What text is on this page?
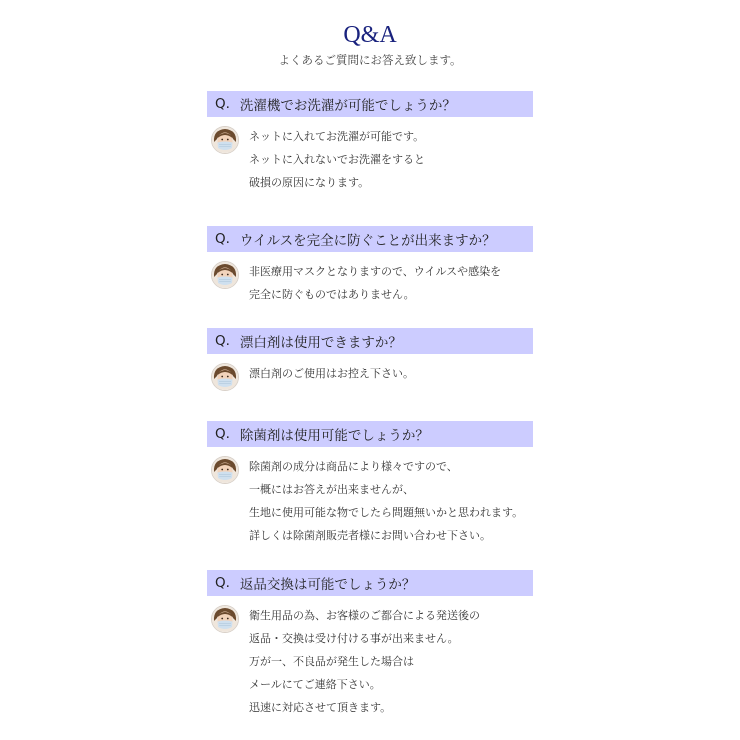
Q&A
よくあるご質問にお答え致します。
Q. 洗濯機でお洗濯が可能でしょうか？
ネットに入れてお洗濯が可能です。
ネットに入れないでお洗濯をすると
破損の原因になります。
Q. ウイルスを完全に防ぐことが出来ますか？
非医療用マスクとなりますので、ウイルスや感染を
完全に防ぐものではありません。
Q. 漂白剤は使用できますか？
漂白剤のご使用はお控え下さい。
Q. 除菌剤は使用可能でしょうか？
除菌剤の成分は商品により様々ですので、
一概にはお答えが出来ませんが、
生地に使用可能な物でしたら問題無いかと思われます。
詳しくは除菌剤販売者様にお問い合わせ下さい。
Q. 返品交換は可能でしょうか？
衛生用品の為、お客様のご都合による発送後の
返品・交換は受け付ける事が出来ません。
万が一、不良品が発生した場合は
メールにてご連絡下さい。
迅速に対応させて頂きます。
